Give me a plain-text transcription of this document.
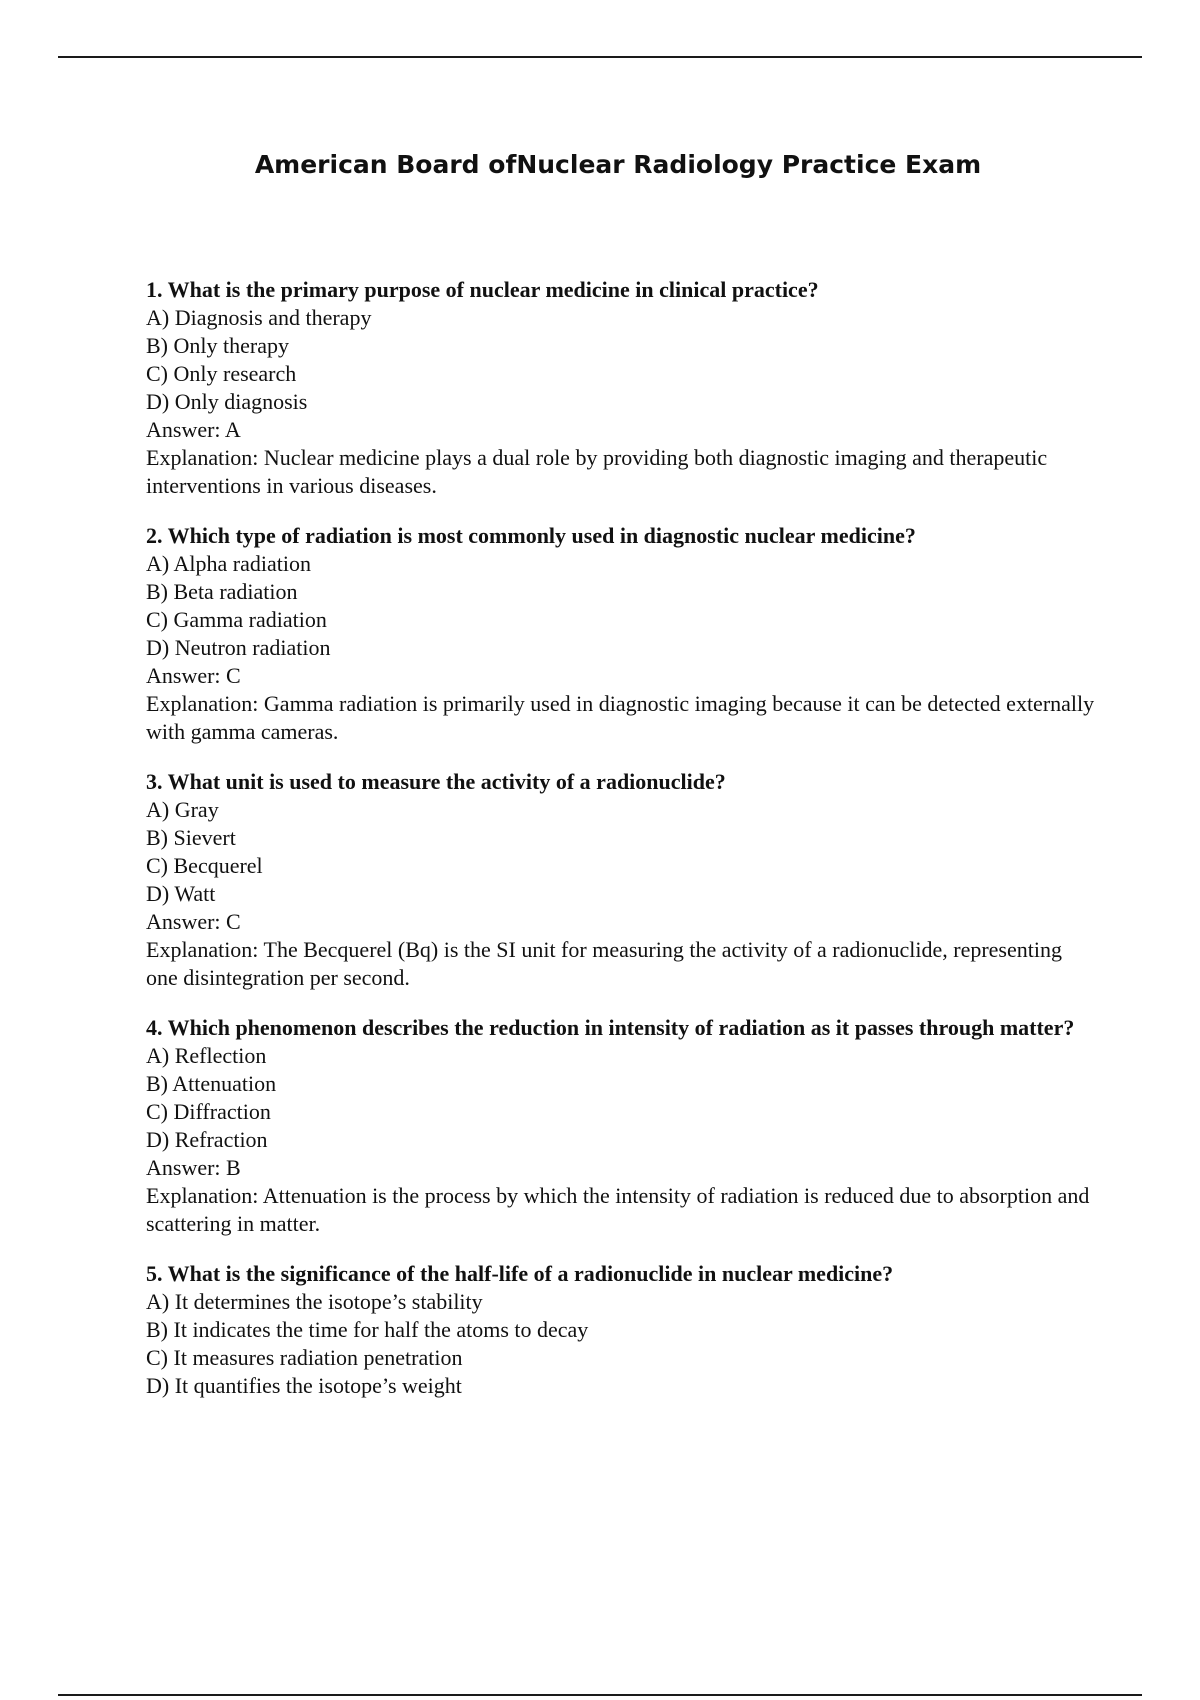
American Board ofNuclear Radiology Practice Exam

1. What is the primary purpose of nuclear medicine in clinical practice?

A) Diagnosis and therapy

B) Only therapy

C) Only research

D) Only diagnosis

Answer: A

Explanation: Nuclear medicine plays a dual role by providing both diagnostic imaging and therapeutic interventions in various diseases.

2. Which type of radiation is most commonly used in diagnostic nuclear medicine?

A) Alpha radiation

B) Beta radiation

C) Gamma radiation

D) Neutron radiation

Answer: C

Explanation: Gamma radiation is primarily used in diagnostic imaging because it can be detected externally with gamma cameras.

3. What unit is used to measure the activity of a radionuclide?

A) Gray

B) Sievert

C) Becquerel

D) Watt

Answer: C

Explanation: The Becquerel (Bq) is the SI unit for measuring the activity of a radionuclide, representing one disintegration per second.

4. Which phenomenon describes the reduction in intensity of radiation as it passes through matter?

A) Reflection

B) Attenuation

C) Diffraction

D) Refraction

Answer: B

Explanation: Attenuation is the process by which the intensity of radiation is reduced due to absorption and scattering in matter.

5. What is the significance of the half-life of a radionuclide in nuclear medicine?

A) It determines the isotope’s stability

B) It indicates the time for half the atoms to decay

C) It measures radiation penetration

D) It quantifies the isotope’s weight
